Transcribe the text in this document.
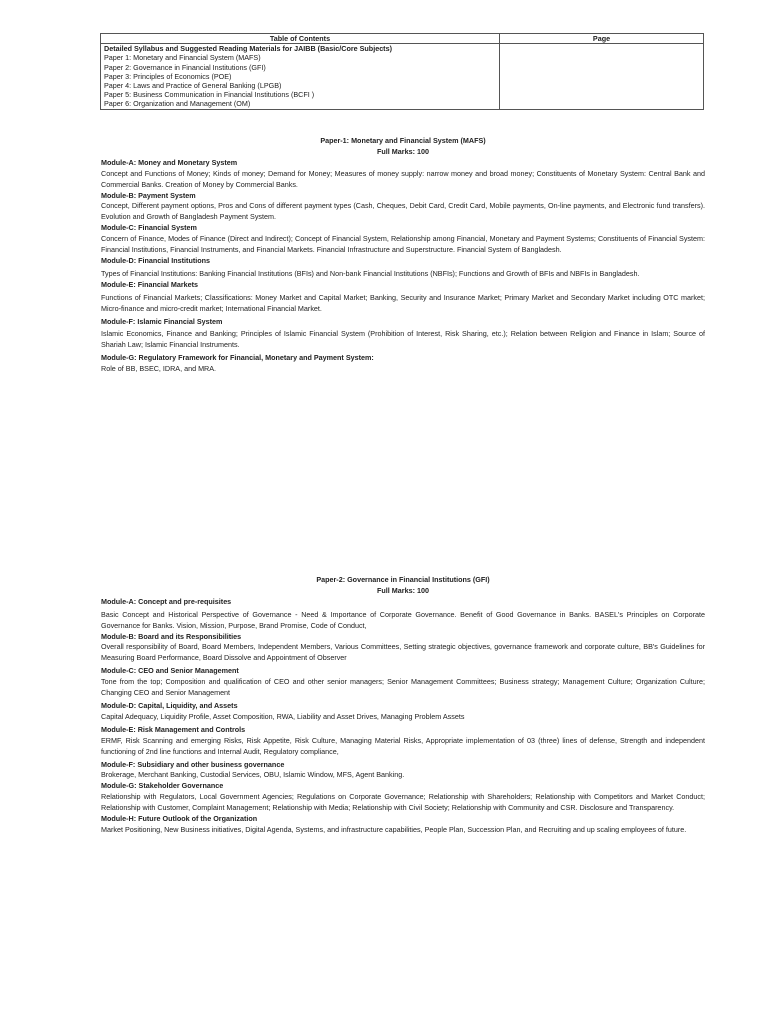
Table of Contents	Page
Detailed Syllabus and Suggested Reading Materials for JAIBB (Basic/Core Subjects)	
Paper 1: Monetary and Financial System (MAFS)	
Paper 2: Governance in Financial Institutions (GFI)	
Paper 3: Principles of Economics (POE)	
Paper 4: Laws and Practice of General Banking (LPGB)	
Paper 5: Business Communication in Financial Institutions (BCFI )	
Paper 6: Organization and Management (OM)	
Paper-1: Monetary and Financial System (MAFS)
Full Marks: 100
Module-A: Money and Monetary System
Concept and Functions of Money; Kinds of money; Demand for Money; Measures of money supply: narrow money and broad money; Constituents of Monetary System: Central Bank and Commercial Banks. Creation of Money by Commercial Banks.
Module-B: Payment System
Concept, Different payment options, Pros and Cons of different payment types (Cash, Cheques, Debit Card, Credit Card, Mobile payments, On-line payments, and Electronic fund transfers). Evolution and Growth of Bangladesh Payment System.
Module-C: Financial System
Concern of Finance, Modes of Finance (Direct and Indirect); Concept of Financial System, Relationship among Financial, Monetary and Payment Systems; Constituents of Financial System: Financial Institutions, Financial Instruments, and Financial Markets. Financial Infrastructure and Superstructure. Financial System of Bangladesh.
Module-D: Financial Institutions
Types of Financial Institutions: Banking Financial Institutions (BFIs) and Non-bank Financial Institutions (NBFIs); Functions and Growth of BFIs and NBFIs in Bangladesh.
Module-E: Financial Markets
Functions of Financial Markets; Classifications: Money Market and Capital Market; Banking, Security and Insurance Market; Primary Market and Secondary Market including OTC market; Micro-finance and micro-credit market; International Financial Market.
Module-F: Islamic Financial System
Islamic Economics, Finance and Banking; Principles of Islamic Financial System (Prohibition of Interest, Risk Sharing, etc.); Relation between Religion and Finance in Islam; Source of Shariah Law; Islamic Financial Instruments.
Module-G: Regulatory Framework for Financial, Monetary and Payment System:
Role of BB, BSEC, IDRA, and MRA.
Paper-2: Governance in Financial Institutions (GFI)
Full Marks: 100
Module-A: Concept and pre-requisites
Basic Concept and Historical Perspective of Governance - Need & Importance of Corporate Governance. Benefit of Good Governance in Banks. BASEL's Principles on Corporate Governance for Banks. Vision, Mission, Purpose, Brand Promise, Code of Conduct,
Module-B: Board and its Responsibilities
Overall responsibility of Board, Board Members, Independent Members, Various Committees, Setting strategic objectives, governance framework and corporate culture, BB's Guidelines for Measuring Board Performance, Board Dissolve and Appointment of Observer
Module-C: CEO and Senior Management
Tone from the top; Composition and qualification of CEO and other senior managers; Senior Management Committees; Business strategy; Management Culture; Organization Culture; Changing CEO and Senior Management
Module-D: Capital, Liquidity, and Assets
Capital Adequacy, Liquidity Profile, Asset Composition, RWA, Liability and Asset Drives, Managing Problem Assets
Module-E: Risk Management and Controls
ERMF, Risk Scanning and emerging Risks, Risk Appetite, Risk Culture, Managing Material Risks, Appropriate implementation of 03 (three) lines of defense, Strength and independent functioning of 2nd line functions and Internal Audit, Regulatory compliance,
Module-F: Subsidiary and other business governance
Brokerage, Merchant Banking, Custodial Services, OBU, Islamic Window, MFS, Agent Banking.
Module-G: Stakeholder Governance
Relationship with Regulators, Local Government Agencies; Regulations on Corporate Governance; Relationship with Shareholders; Relationship with Competitors and Market Conduct; Relationship with Customer, Complaint Management; Relationship with Media; Relationship with Civil Society; Relationship with Community and CSR. Disclosure and Transparency.
Module-H: Future Outlook of the Organization
Market Positioning, New Business initiatives, Digital Agenda, Systems, and infrastructure capabilities, People Plan, Succession Plan, and Recruiting and up scaling employees of future.
